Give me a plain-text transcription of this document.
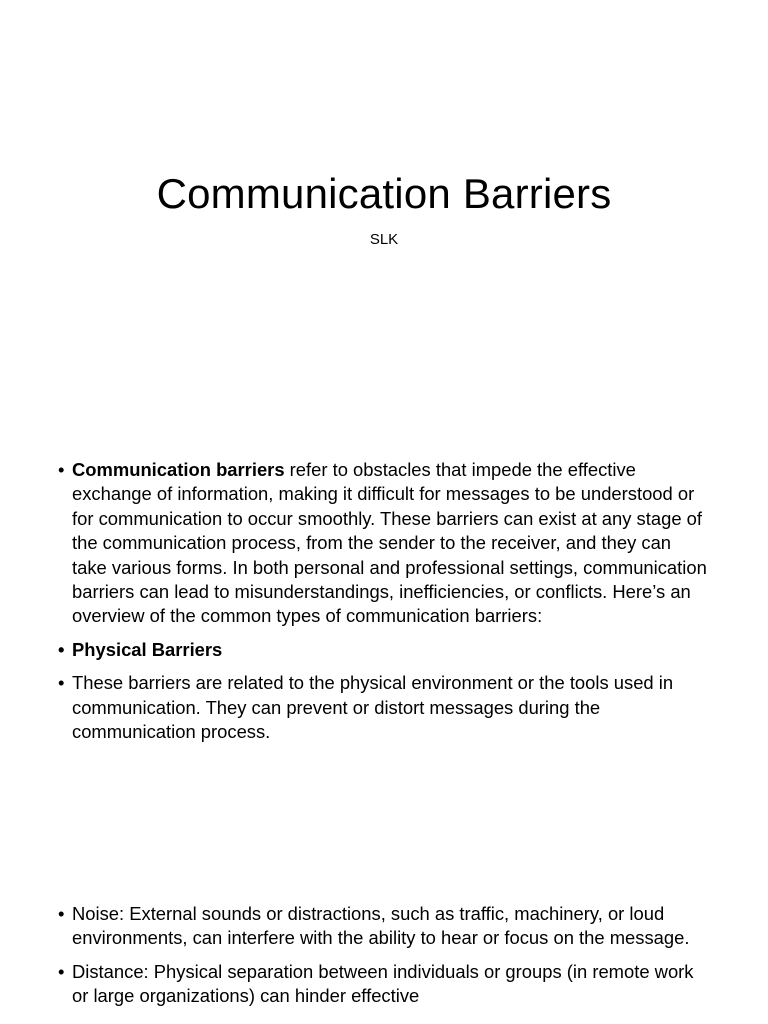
Communication Barriers
SLK

• Communication barriers refer to obstacles that impede the effective exchange of information, making it difficult for messages to be understood or for communication to occur smoothly. These barriers can exist at any stage of the communication process, from the sender to the receiver, and they can take various forms. In both personal and professional settings, communication barriers can lead to misunderstandings, inefficiencies, or conflicts. Here’s an overview of the common types of communication barriers:

• Physical Barriers

• These barriers are related to the physical environment or the tools used in communication. They can prevent or distort messages during the communication process.

• Noise: External sounds or distractions, such as traffic, machinery, or loud environments, can interfere with the ability to hear or focus on the message.

• Distance: Physical separation between individuals or groups (in remote work or large organizations) can hinder effective
